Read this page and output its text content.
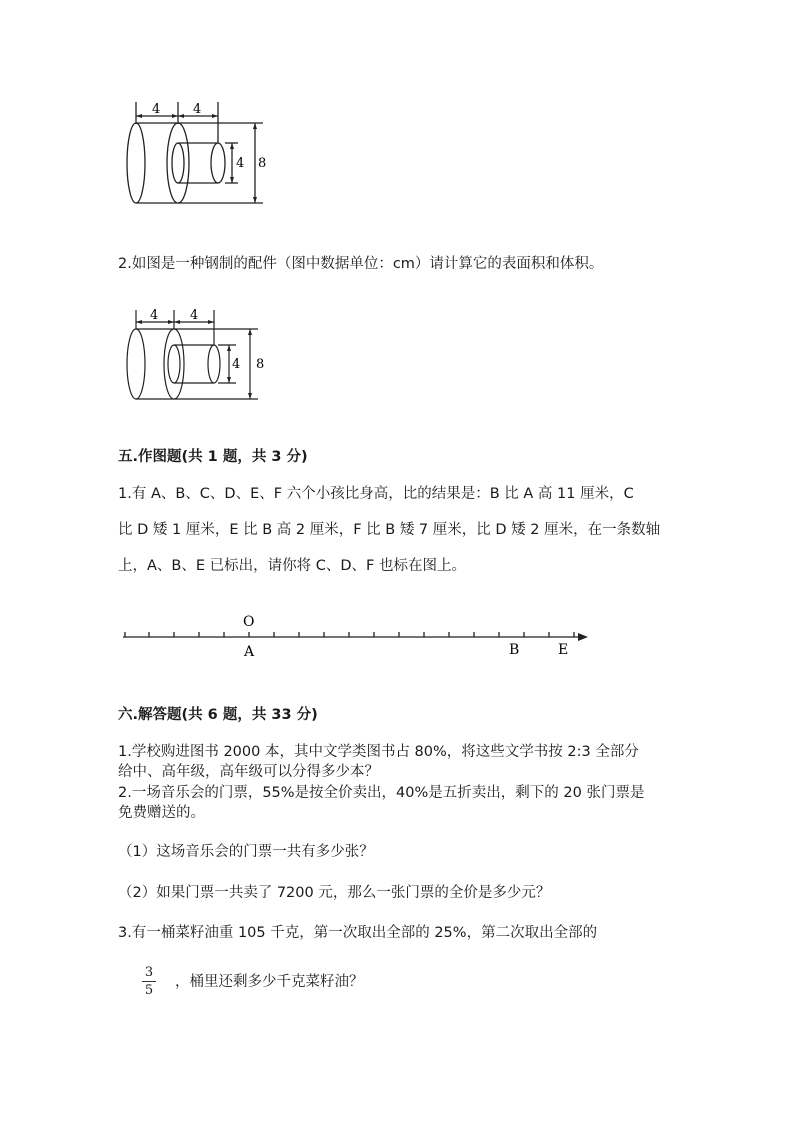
4	4
4 8
2.如图是一种钢制的配件（图中数据单位：cm）请计算它的表面积和体积。
4 4
4 8
五.作图题(共 1 题，共 3 分)
1.有 A、B、C、D、E、F 六个小孩比身高，比的结果是：B 比 A 高 11 厘米，C
比 D 矮 1 厘米，E 比 B 高 2 厘米，F 比 B 矮 7 厘米，比 D 矮 2 厘米，在一条数轴
上，A、B、E 已标出，请你将 C、D、F 也标在图上。
O
A	B	E
六.解答题(共 6 题，共 33 分)
1.学校购进图书 2000 本，其中文学类图书占 80%，将这些文学书按 2:3 全部分
给中、高年级，高年级可以分得多少本？
2.一场音乐会的门票，55%是按全价卖出，40%是五折卖出，剩下的 20 张门票是
免费赠送的。
（1）这场音乐会的门票一共有多少张？
（2）如果门票一共卖了 7200 元，那么一张门票的全价是多少元？
3.有一桶菜籽油重 105 千克，第一次取出全部的 25%，第二次取出全部的
3
5
，桶里还剩多少千克菜籽油？
